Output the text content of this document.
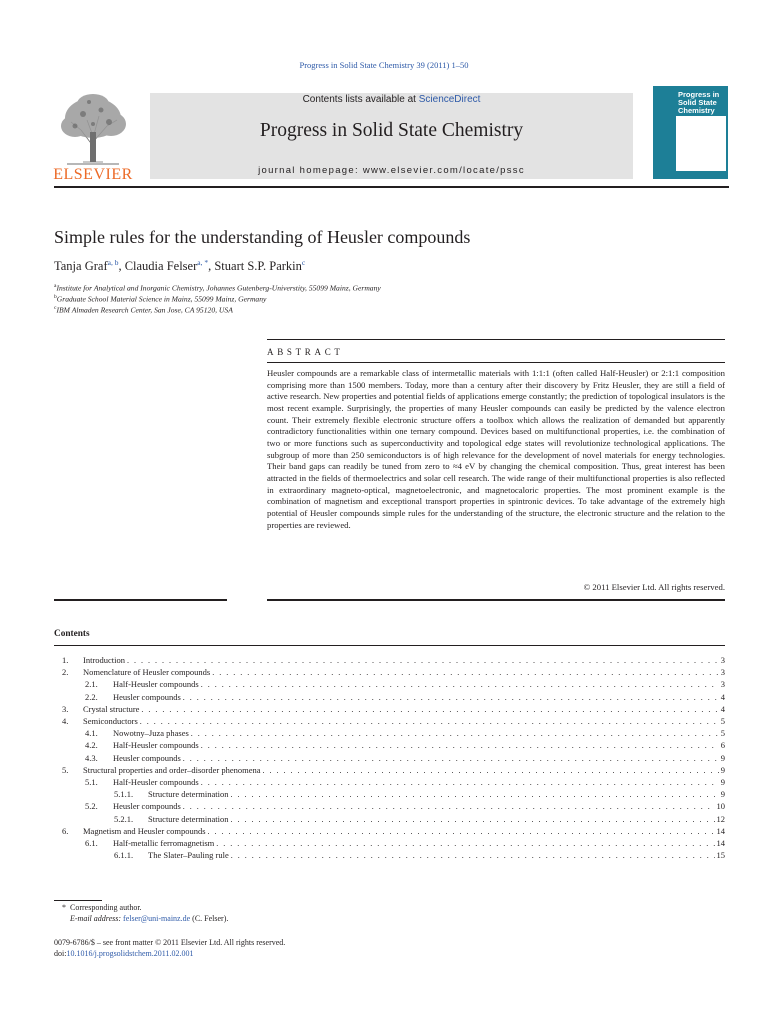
Progress in Solid State Chemistry 39 (2011) 1–50
ELSEVIER
Contents lists available at ScienceDirect
Progress in Solid State Chemistry
journal homepage: www.elsevier.com/locate/pssc
Progress in Solid State Chemistry
Simple rules for the understanding of Heusler compounds
Tanja Graf$^{a, b}$, Claudia Felser$^{a, *}$, Stuart S.P. Parkin$^c$
$^a$Institute for Analytical and Inorganic Chemistry, Johannes Gutenberg-Universtity, 55099 Mainz, Germany
$^b$Graduate School Material Science in Mainz, 55099 Mainz, Germany
$^c$IBM Almaden Research Center, San Jose, CA 95120, USA
ABSTRACT
Heusler compounds are a remarkable class of intermetallic materials with 1:1:1 (often called Half-Heusler) or 2:1:1 composition comprising more than 1500 members. Today, more than a century after their discovery by Fritz Heusler, they are still a field of active research. New properties and potential fields of applications emerge constantly; the prediction of topological insulators is the most recent example. Surprisingly, the properties of many Heusler compounds can easily be predicted by the valence electron count. Their extremely flexible electronic structure offers a toolbox which allows the realization of demanded but apparently contradictory functionalities within one ternary compound. Devices based on multifunctional properties, i.e. the combination of two or more functions such as superconductivity and topological edge states will revolutionize technological applications. The subgroup of more than 250 semiconductors is of high relevance for the development of novel materials for energy technologies. Their band gaps can readily be tuned from zero to ≈4 eV by changing the chemical composition. Thus, great interest has been attracted in the fields of thermoelectrics and solar cell research. The wide range of their multifunctional properties is also reflected in extraordinary magneto-optical, magnetoelectronic, and magnetocaloric properties. The most prominent example is the combination of magnetism and exceptional transport properties in spintronic devices. To take advantage of the extremely high potential of Heusler compounds simple rules for the understanding of the structure, the electronic structure and the relation to the properties are reviewed.
© 2011 Elsevier Ltd. All rights reserved.
Contents
1.	Introduction . . .	3
2.	Nomenclature of Heusler compounds . . .	3
2.1.	Half-Heusler compounds . . .	3
2.2.	Heusler compounds . . .	4
3.	Crystal structure . . .	4
4.	Semiconductors . . .	5
4.1.	Nowotny–Juza phases . . .	5
4.2.	Half-Heusler compounds . . .	6
4.3.	Heusler compounds . . .	9
5.	Structural properties and order–disorder phenomena . . .	9
5.1.	Half-Heusler compounds . . .	9
5.1.1.	Structure determination . . .	9
5.2.	Heusler compounds . . .	10
5.2.1.	Structure determination . . .	12
6.	Magnetism and Heusler compounds . . .	14
6.1.	Half-metallic ferromagnetism . . .	14
6.1.1.	The Slater–Pauling rule . . .	15
* Corresponding author.
E-mail address: felser@uni-mainz.de (C. Felser).
0079-6786/$ – see front matter © 2011 Elsevier Ltd. All rights reserved.
doi:10.1016/j.progsolidstchem.2011.02.001
